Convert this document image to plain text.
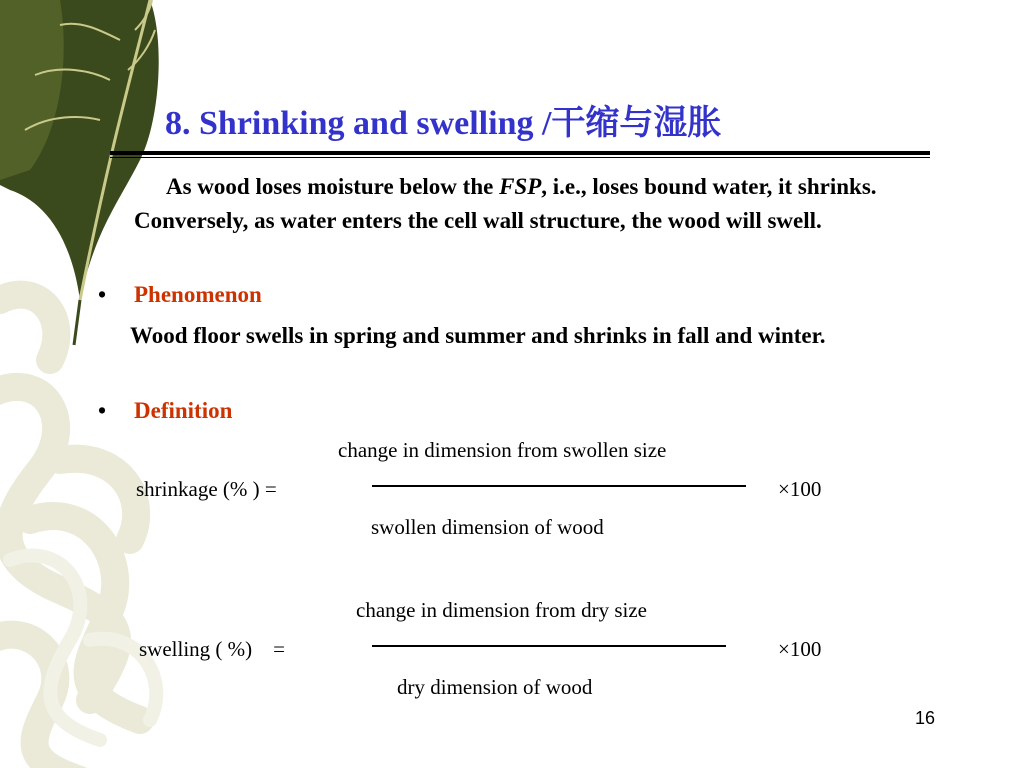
8. Shrinking and swelling /干缩与湿胀
As wood loses moisture below the FSP, i.e., loses bound water, it shrinks. Conversely, as water enters the cell wall structure, the wood will swell.
• Phenomenon
Wood floor swells in spring and summer and shrinks in fall and winter.
• Definition
change in dimension from swollen size
shrinkage (% ) =	×100
swollen dimension of wood
change in dimension from dry size
swelling ( %)    =	×100
dry dimension of wood
16
